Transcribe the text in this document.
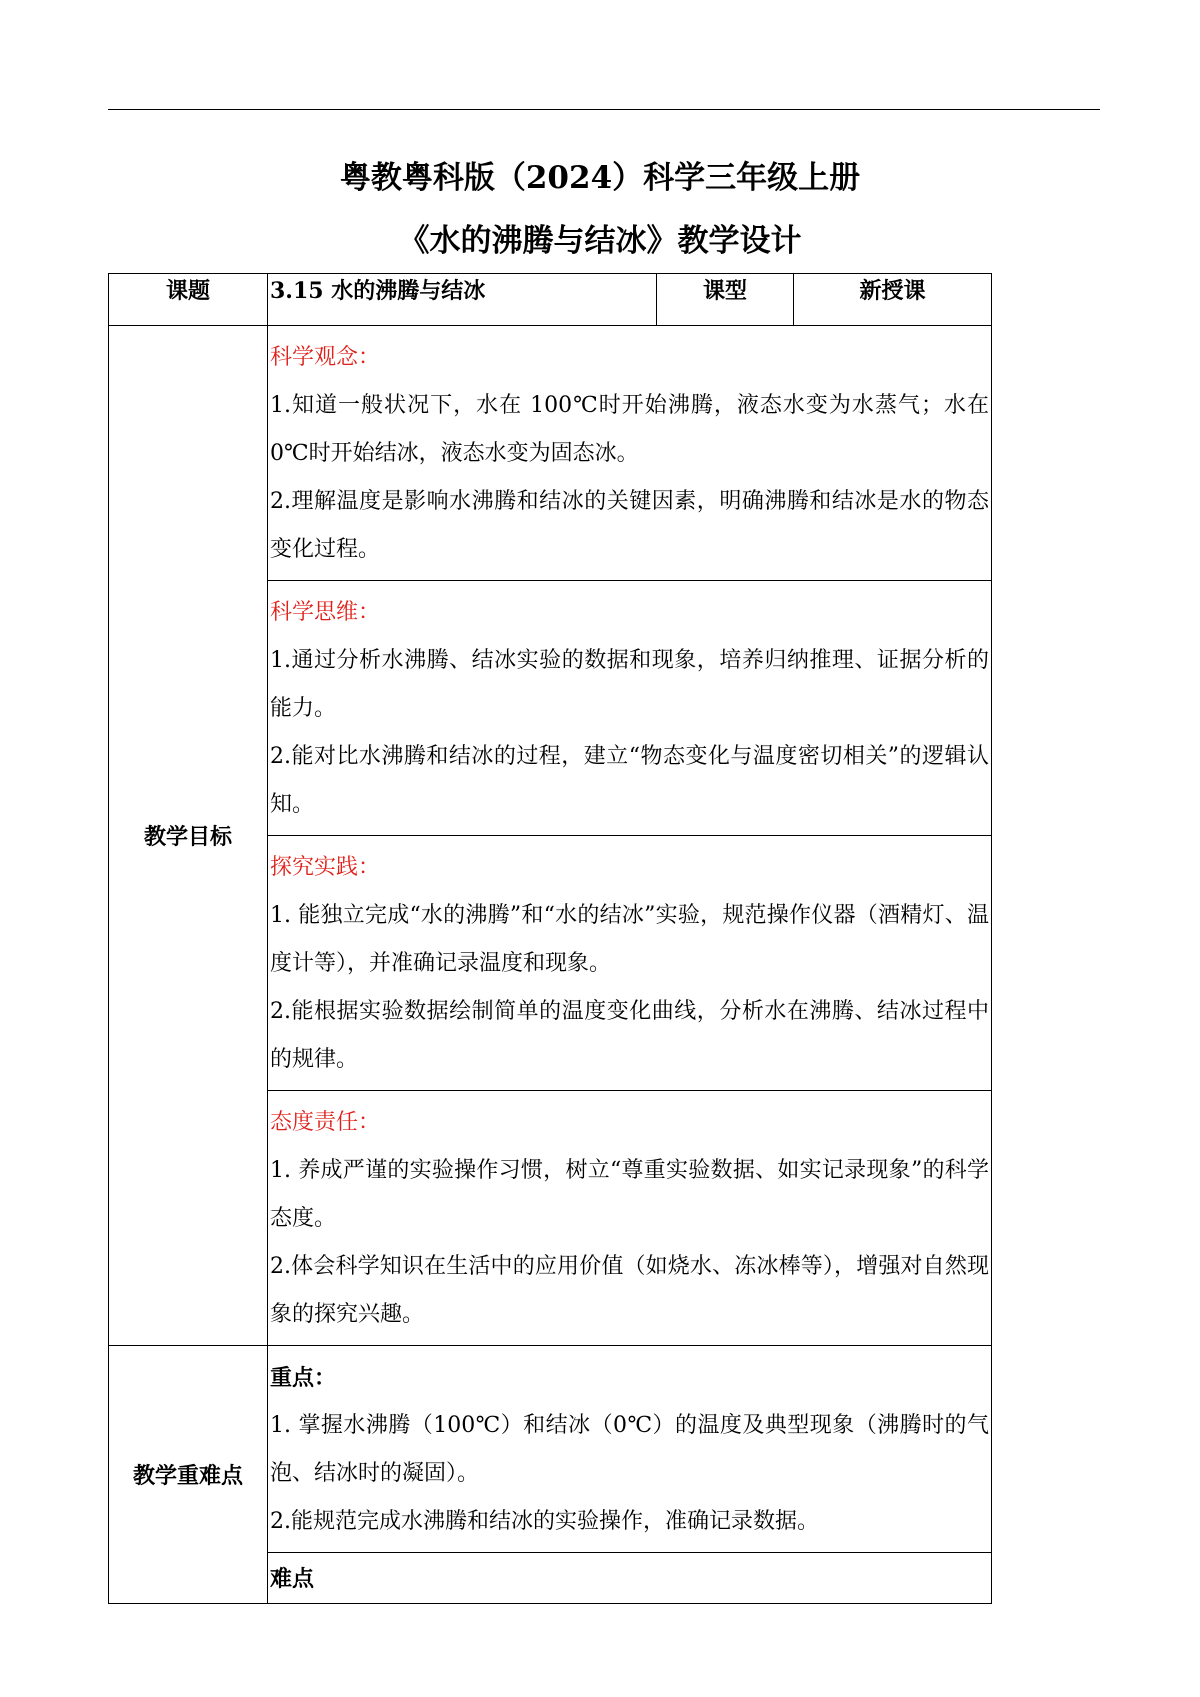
粤教粤科版（2024）科学三年级上册
《水的沸腾与结冰》教学设计
课题	3.15 水的沸腾与结冰	课型	新授课
教学目标	科学观念：

1.知道一般状况下，水在 100℃时开始沸腾，液态水变为水蒸气；水在 0℃时开始结冰，液态水变为固态冰。

2.理解温度是影响水沸腾和结冰的关键因素，明确沸腾和结冰是水的物态变化过程。		

	科学思维：

1.通过分析水沸腾、结冰实验的数据和现象，培养归纳推理、证据分析的能力。

2.能对比水沸腾和结冰的过程，建立“物态变化与温度密切相关”的逻辑认知。		

	探究实践：

1. 能独立完成“水的沸腾”和“水的结冰”实验，规范操作仪器（酒精灯、温度计等），并准确记录温度和现象。

2.能根据实验数据绘制简单的温度变化曲线，分析水在沸腾、结冰过程中的规律。		

	态度责任：

1. 养成严谨的实验操作习惯，树立“尊重实验数据、如实记录现象”的科学态度。

2.体会科学知识在生活中的应用价值（如烧水、冻冰棒等），增强对自然现象的探究兴趣。		

教学重难点	重点：

1. 掌握水沸腾（100℃）和结冰（0℃）的温度及典型现象（沸腾时的气泡、结冰时的凝固）。

2.能规范完成水沸腾和结冰的实验操作，准确记录数据。		

	难点		
